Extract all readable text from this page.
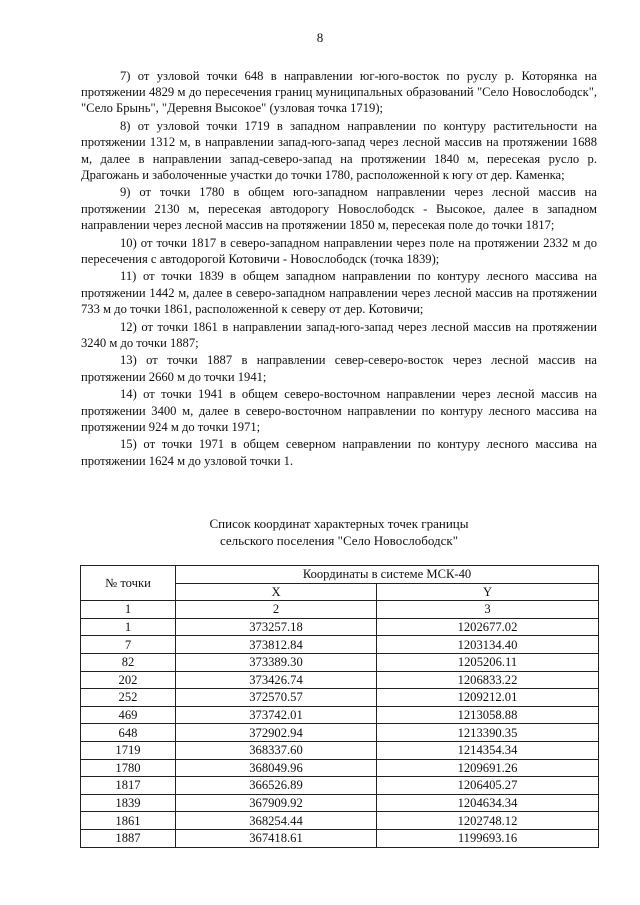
8

7) от узловой точки 648 в направлении юг-юго-восток по руслу р. Которянка на протяжении 4829 м до пересечения границ муниципальных образований "Село Новослободск", "Село Брынь", "Деревня Высокое" (узловая точка 1719);

8) от узловой точки 1719 в западном направлении по контуру растительности на протяжении 1312 м, в направлении запад-юго-запад через лесной массив на протяжении 1688 м, далее в направлении запад-северо-запад на протяжении 1840 м, пересекая русло р. Драгожань и заболоченные участки до точки 1780, расположенной к югу от дер. Каменка;

9) от точки 1780 в общем юго-западном направлении через лесной массив на протяжении 2130 м, пересекая автодорогу Новослободск - Высокое, далее в западном направлении через лесной массив на протяжении 1850 м, пересекая поле до точки 1817;

10) от точки 1817 в северо-западном направлении через поле на протяжении 2332 м до пересечения с автодорогой Котовичи - Новослободск (точка 1839);

11) от точки 1839 в общем западном направлении по контуру лесного массива на протяжении 1442 м, далее в северо-западном направлении через лесной массив на протяжении 733 м до точки 1861, расположенной к северу от дер. Котовичи;

12) от точки 1861 в направлении запад-юго-запад через лесной массив на протяжении 3240 м до точки 1887;

13) от точки 1887 в направлении север-северо-восток через лесной массив на протяжении 2660 м до точки 1941;

14) от точки 1941 в общем северо-восточном направлении через лесной массив на протяжении 3400 м, далее в северо-восточном направлении по контуру лесного массива на протяжении 924 м до точки 1971;

15) от точки 1971 в общем северном направлении по контуру лесного массива на протяжении 1624 м до узловой точки 1.

Список координат характерных точек границы
сельского поселения "Село Новослободск"
№ точки	Координаты в системе МСК-40	
	X	Y
1	2	3
1	373257.18	1202677.02
7	373812.84	1203134.40
82	373389.30	1205206.11
202	373426.74	1206833.22
252	372570.57	1209212.01
469	373742.01	1213058.88
648	372902.94	1213390.35
1719	368337.60	1214354.34
1780	368049.96	1209691.26
1817	366526.89	1206405.27
1839	367909.92	1204634.34
1861	368254.44	1202748.12
1887	367418.61	1199693.16
